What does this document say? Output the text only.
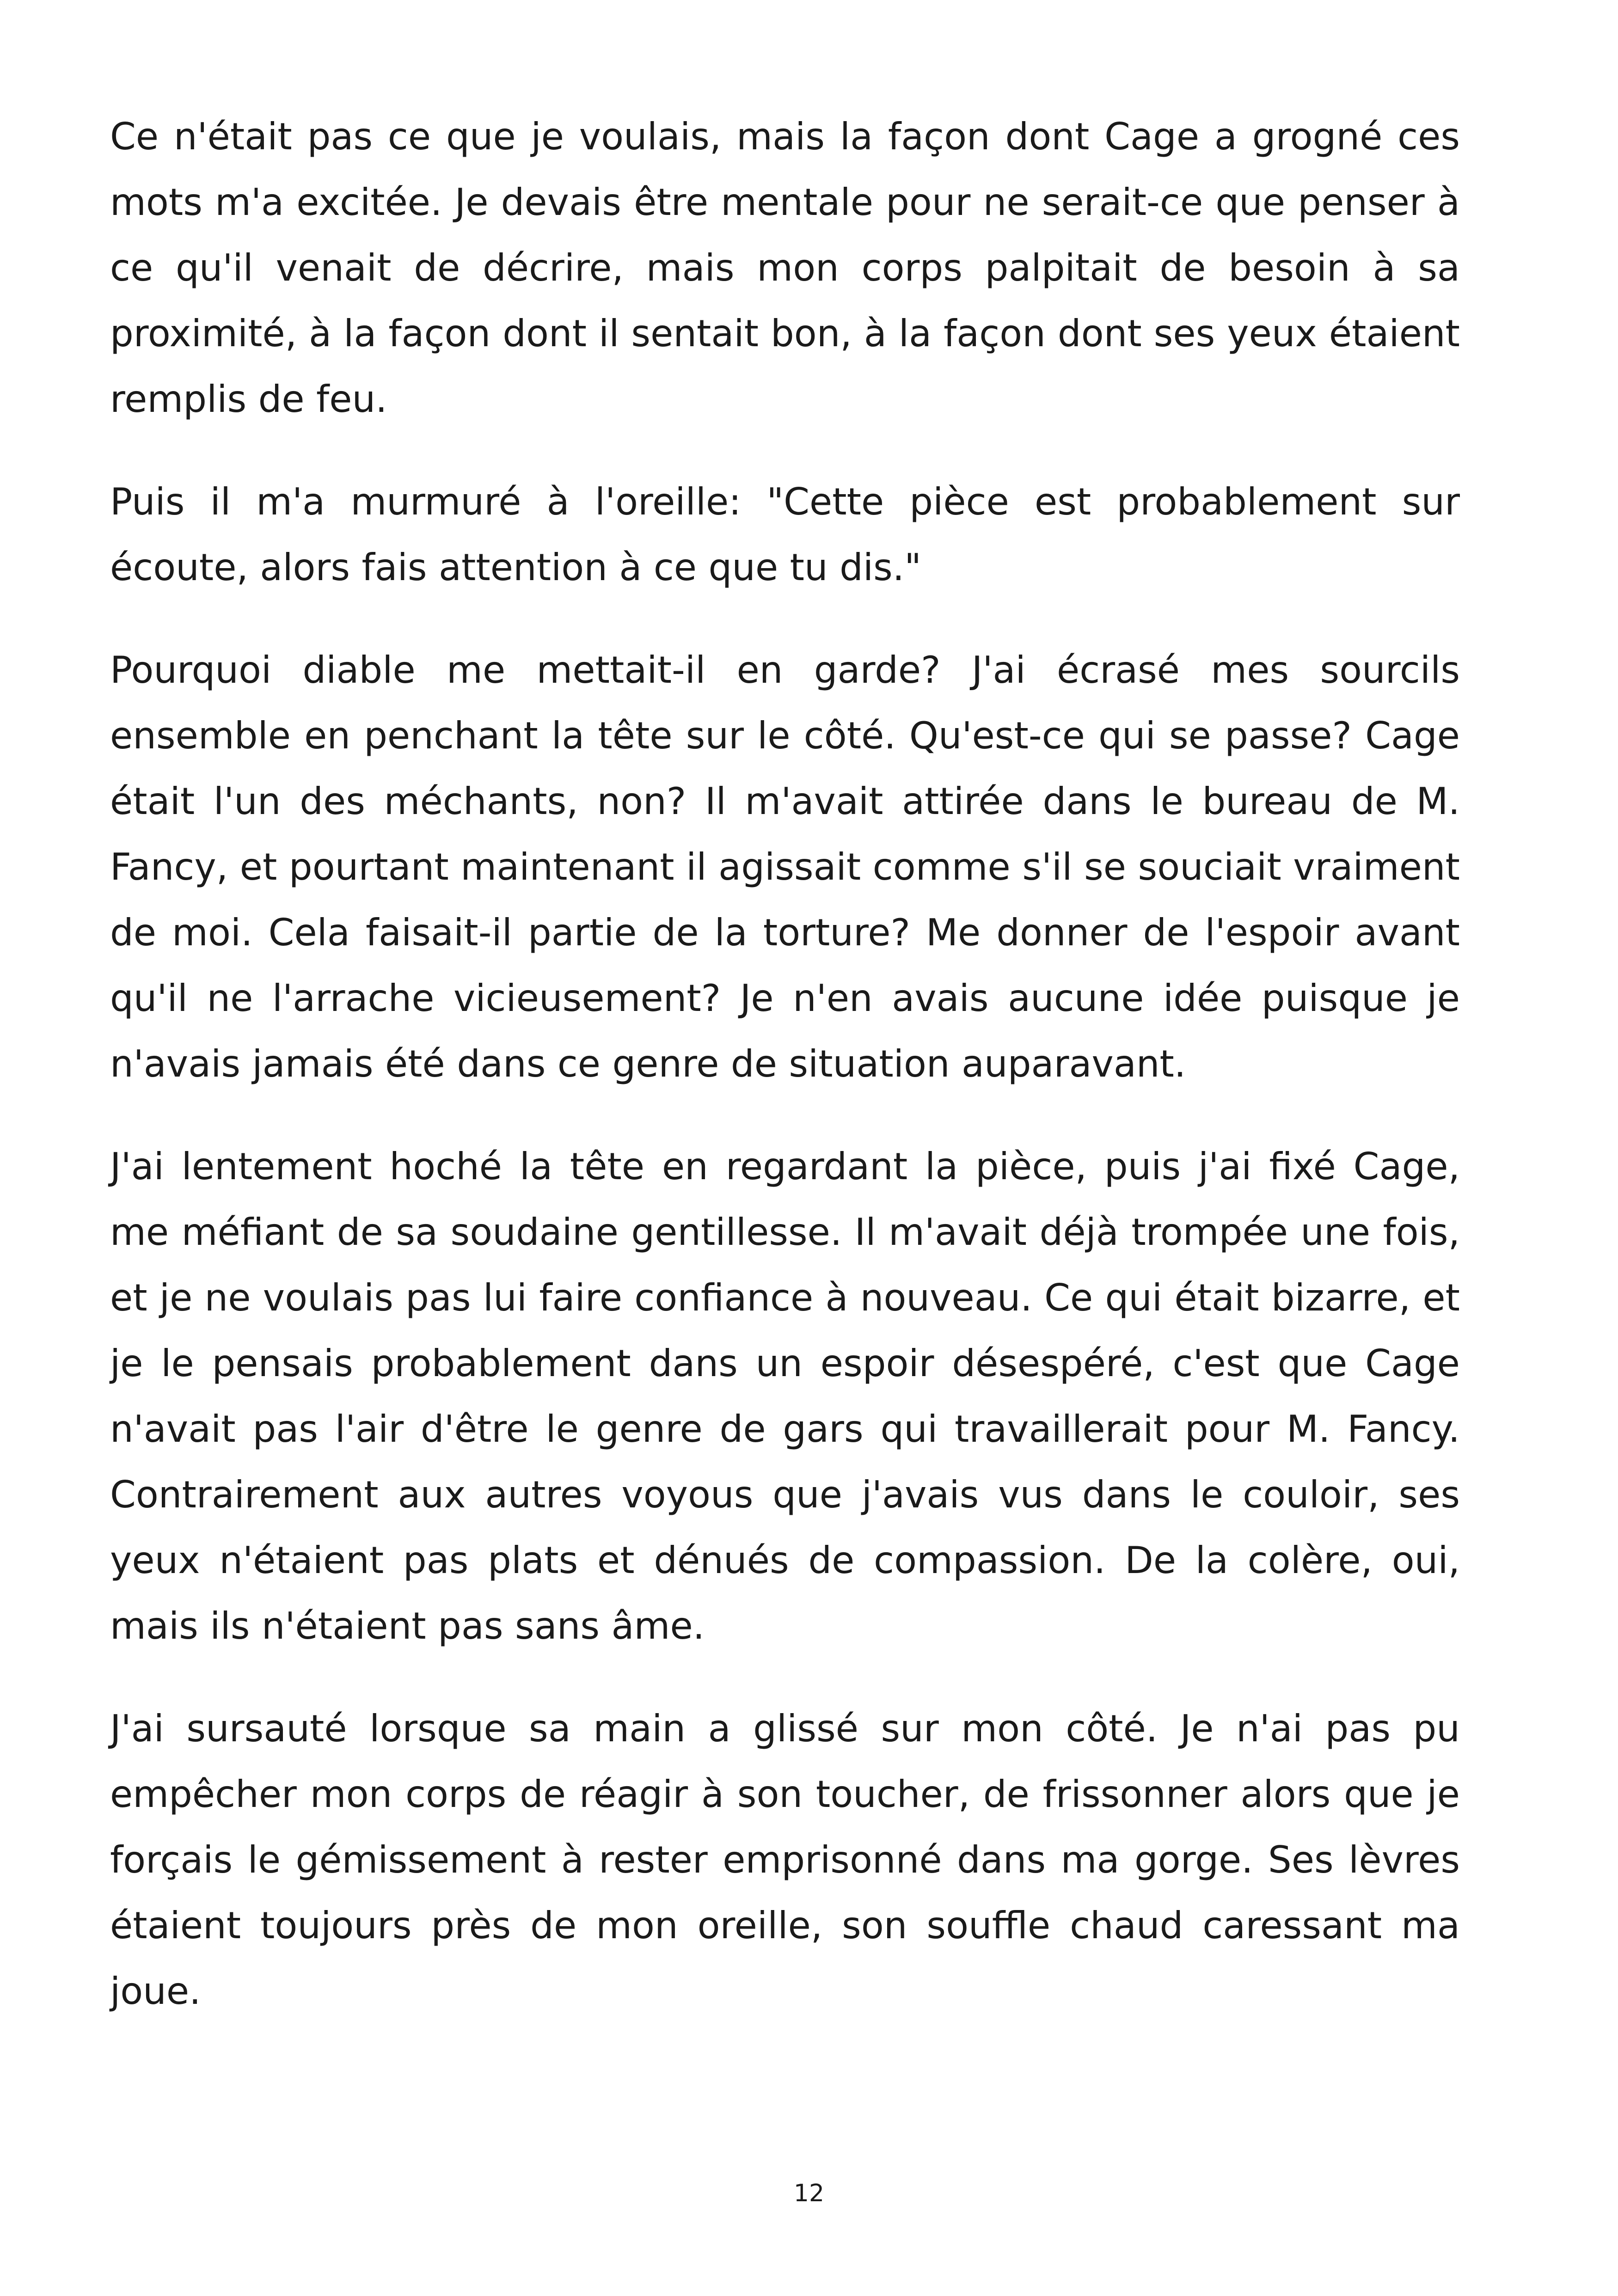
Ce n'était pas ce que je voulais, mais la façon dont Cage a grogné ces mots m'a excitée. Je devais être mentale pour ne serait-ce que penser à ce qu'il venait de décrire, mais mon corps palpitait de besoin à sa proximité, à la façon dont il sentait bon, à la façon dont ses yeux étaient remplis de feu.

Puis il m'a murmuré à l'oreille: "Cette pièce est probablement sur écoute, alors fais attention à ce que tu dis."

Pourquoi diable me mettait-il en garde? J'ai écrasé mes sourcils ensemble en penchant la tête sur le côté. Qu'est-ce qui se passe? Cage était l'un des méchants, non? Il m'avait attirée dans le bureau de M. Fancy, et pourtant maintenant il agissait comme s'il se souciait vraiment de moi. Cela faisait-il partie de la torture? Me donner de l'espoir avant qu'il ne l'arrache vicieusement? Je n'en avais aucune idée puisque je n'avais jamais été dans ce genre de situation auparavant.

J'ai lentement hoché la tête en regardant la pièce, puis j'ai fixé Cage, me méfiant de sa soudaine gentillesse. Il m'avait déjà trompée une fois, et je ne voulais pas lui faire confiance à nouveau. Ce qui était bizarre, et je le pensais probablement dans un espoir désespéré, c'est que Cage n'avait pas l'air d'être le genre de gars qui travaillerait pour M. Fancy. Contrairement aux autres voyous que j'avais vus dans le couloir, ses yeux n'étaient pas plats et dénués de compassion. De la colère, oui, mais ils n'étaient pas sans âme.

J'ai sursauté lorsque sa main a glissé sur mon côté. Je n'ai pas pu empêcher mon corps de réagir à son toucher, de frissonner alors que je forçais le gémissement à rester emprisonné dans ma gorge. Ses lèvres étaient toujours près de mon oreille, son souffle chaud caressant ma joue.

12
